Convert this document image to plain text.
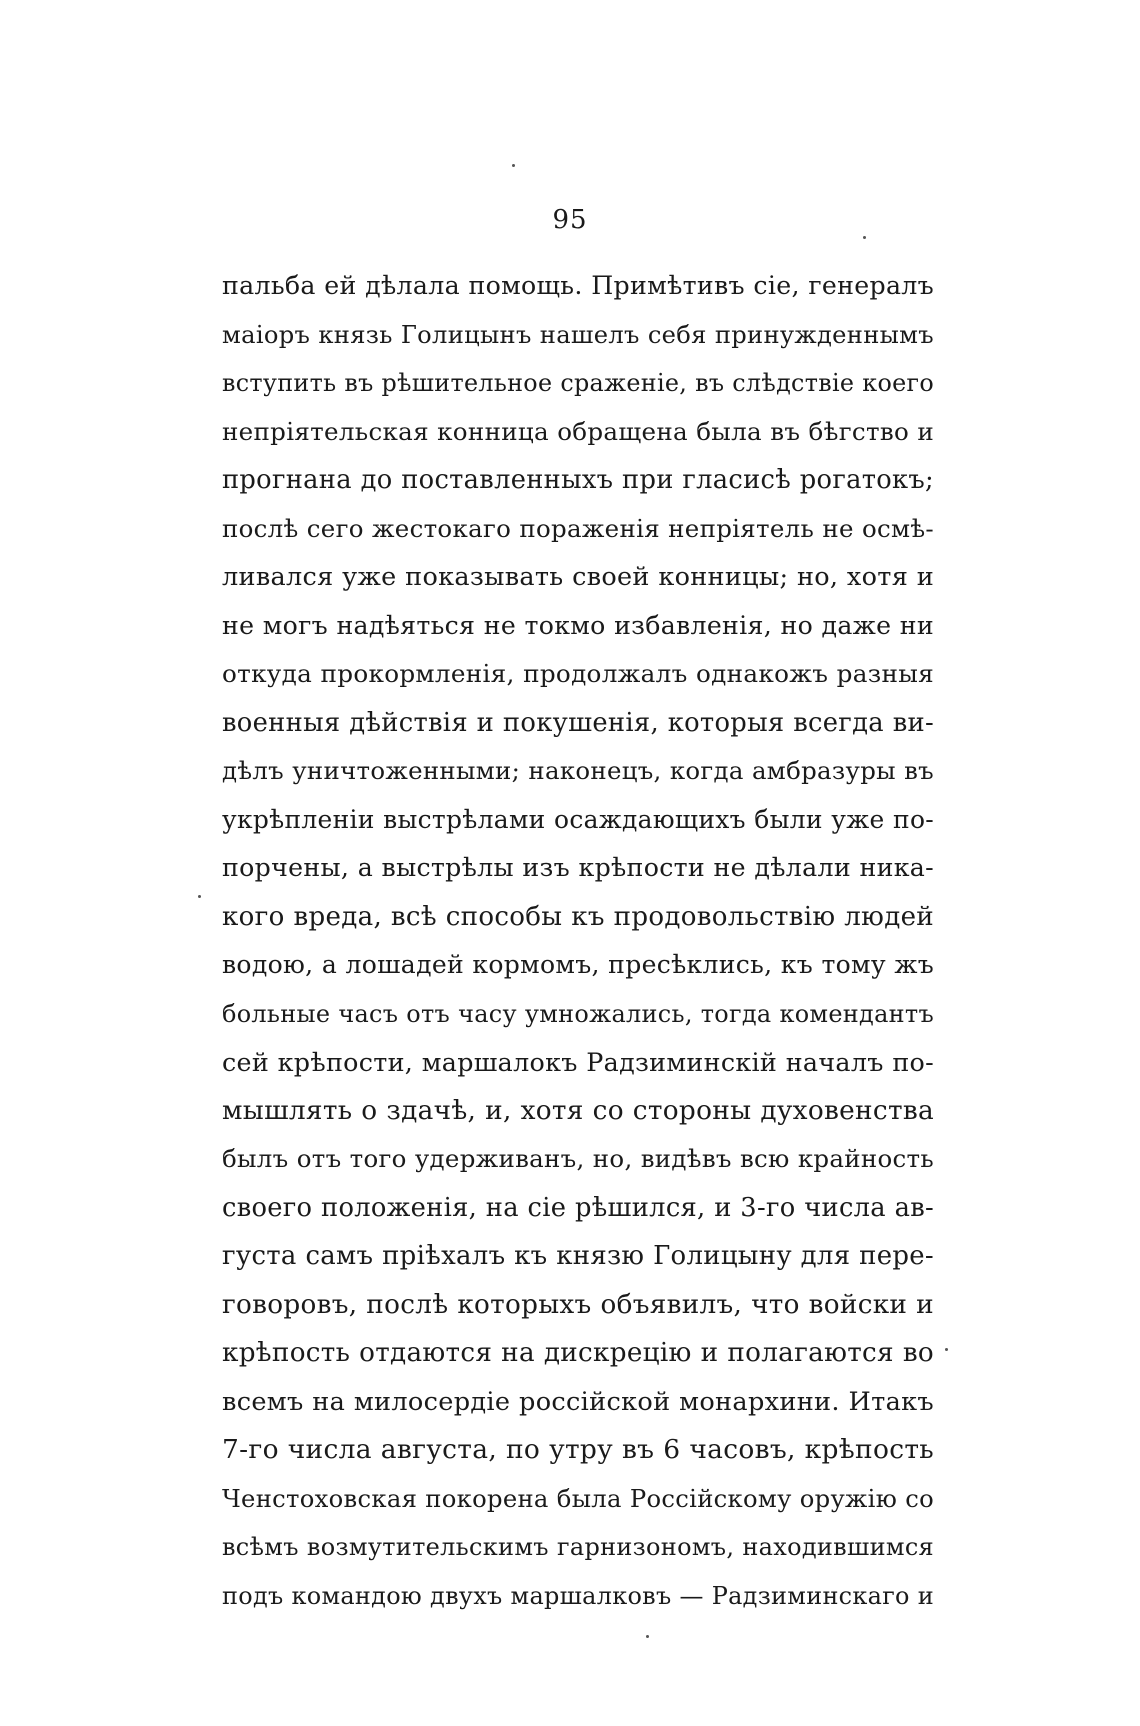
95
пальба ей дѣлала помощь. Примѣтивъ сіе, генералъ
маіоръ князь Голицынъ нашелъ себя принужденнымъ
вступить въ рѣшительное сраженіе, въ слѣдствіе коего
непріятельская конница обращена была въ бѣгство и
прогнана до поставленныхъ при гласисѣ рогатокъ;
послѣ сего жестокаго пораженія непріятель не осмѣ-
ливался уже показывать своей конницы; но, хотя и
не могъ надѣяться не токмо избавленія, но даже ни
откуда прокормленія, продолжалъ однакожъ разныя
военныя дѣйствія и покушенія, которыя всегда ви-
дѣлъ уничтоженными; наконецъ, когда амбразуры въ
укрѣпленіи выстрѣлами осаждающихъ были уже по-
порчены, а выстрѣлы изъ крѣпости не дѣлали ника-
кого вреда, всѣ способы къ продовольствію людей
водою, а лошадей кормомъ, пресѣклись, къ тому жъ
больные часъ отъ часу умножались, тогда комендантъ
сей крѣпости, маршалокъ Радзиминскій началъ по-
мышлять о здачѣ, и, хотя со стороны духовенства
былъ отъ того удерживанъ, но, видѣвъ всю крайность
своего положенія, на сіе рѣшился, и 3-го числа ав-
густа самъ пріѣхалъ къ князю Голицыну для пере-
говоровъ, послѣ которыхъ объявилъ, что войски и
крѣпость отдаются на дискрецію и полагаются во
всемъ на милосердіе россійской монархини. Итакъ
7-го числа августа, по утру въ 6 часовъ, крѣпость
Ченстоховская покорена была Россійскому оружію со
всѣмъ возмутительскимъ гарнизономъ, находившимся
подъ командою двухъ маршалковъ — Радзиминскаго и
